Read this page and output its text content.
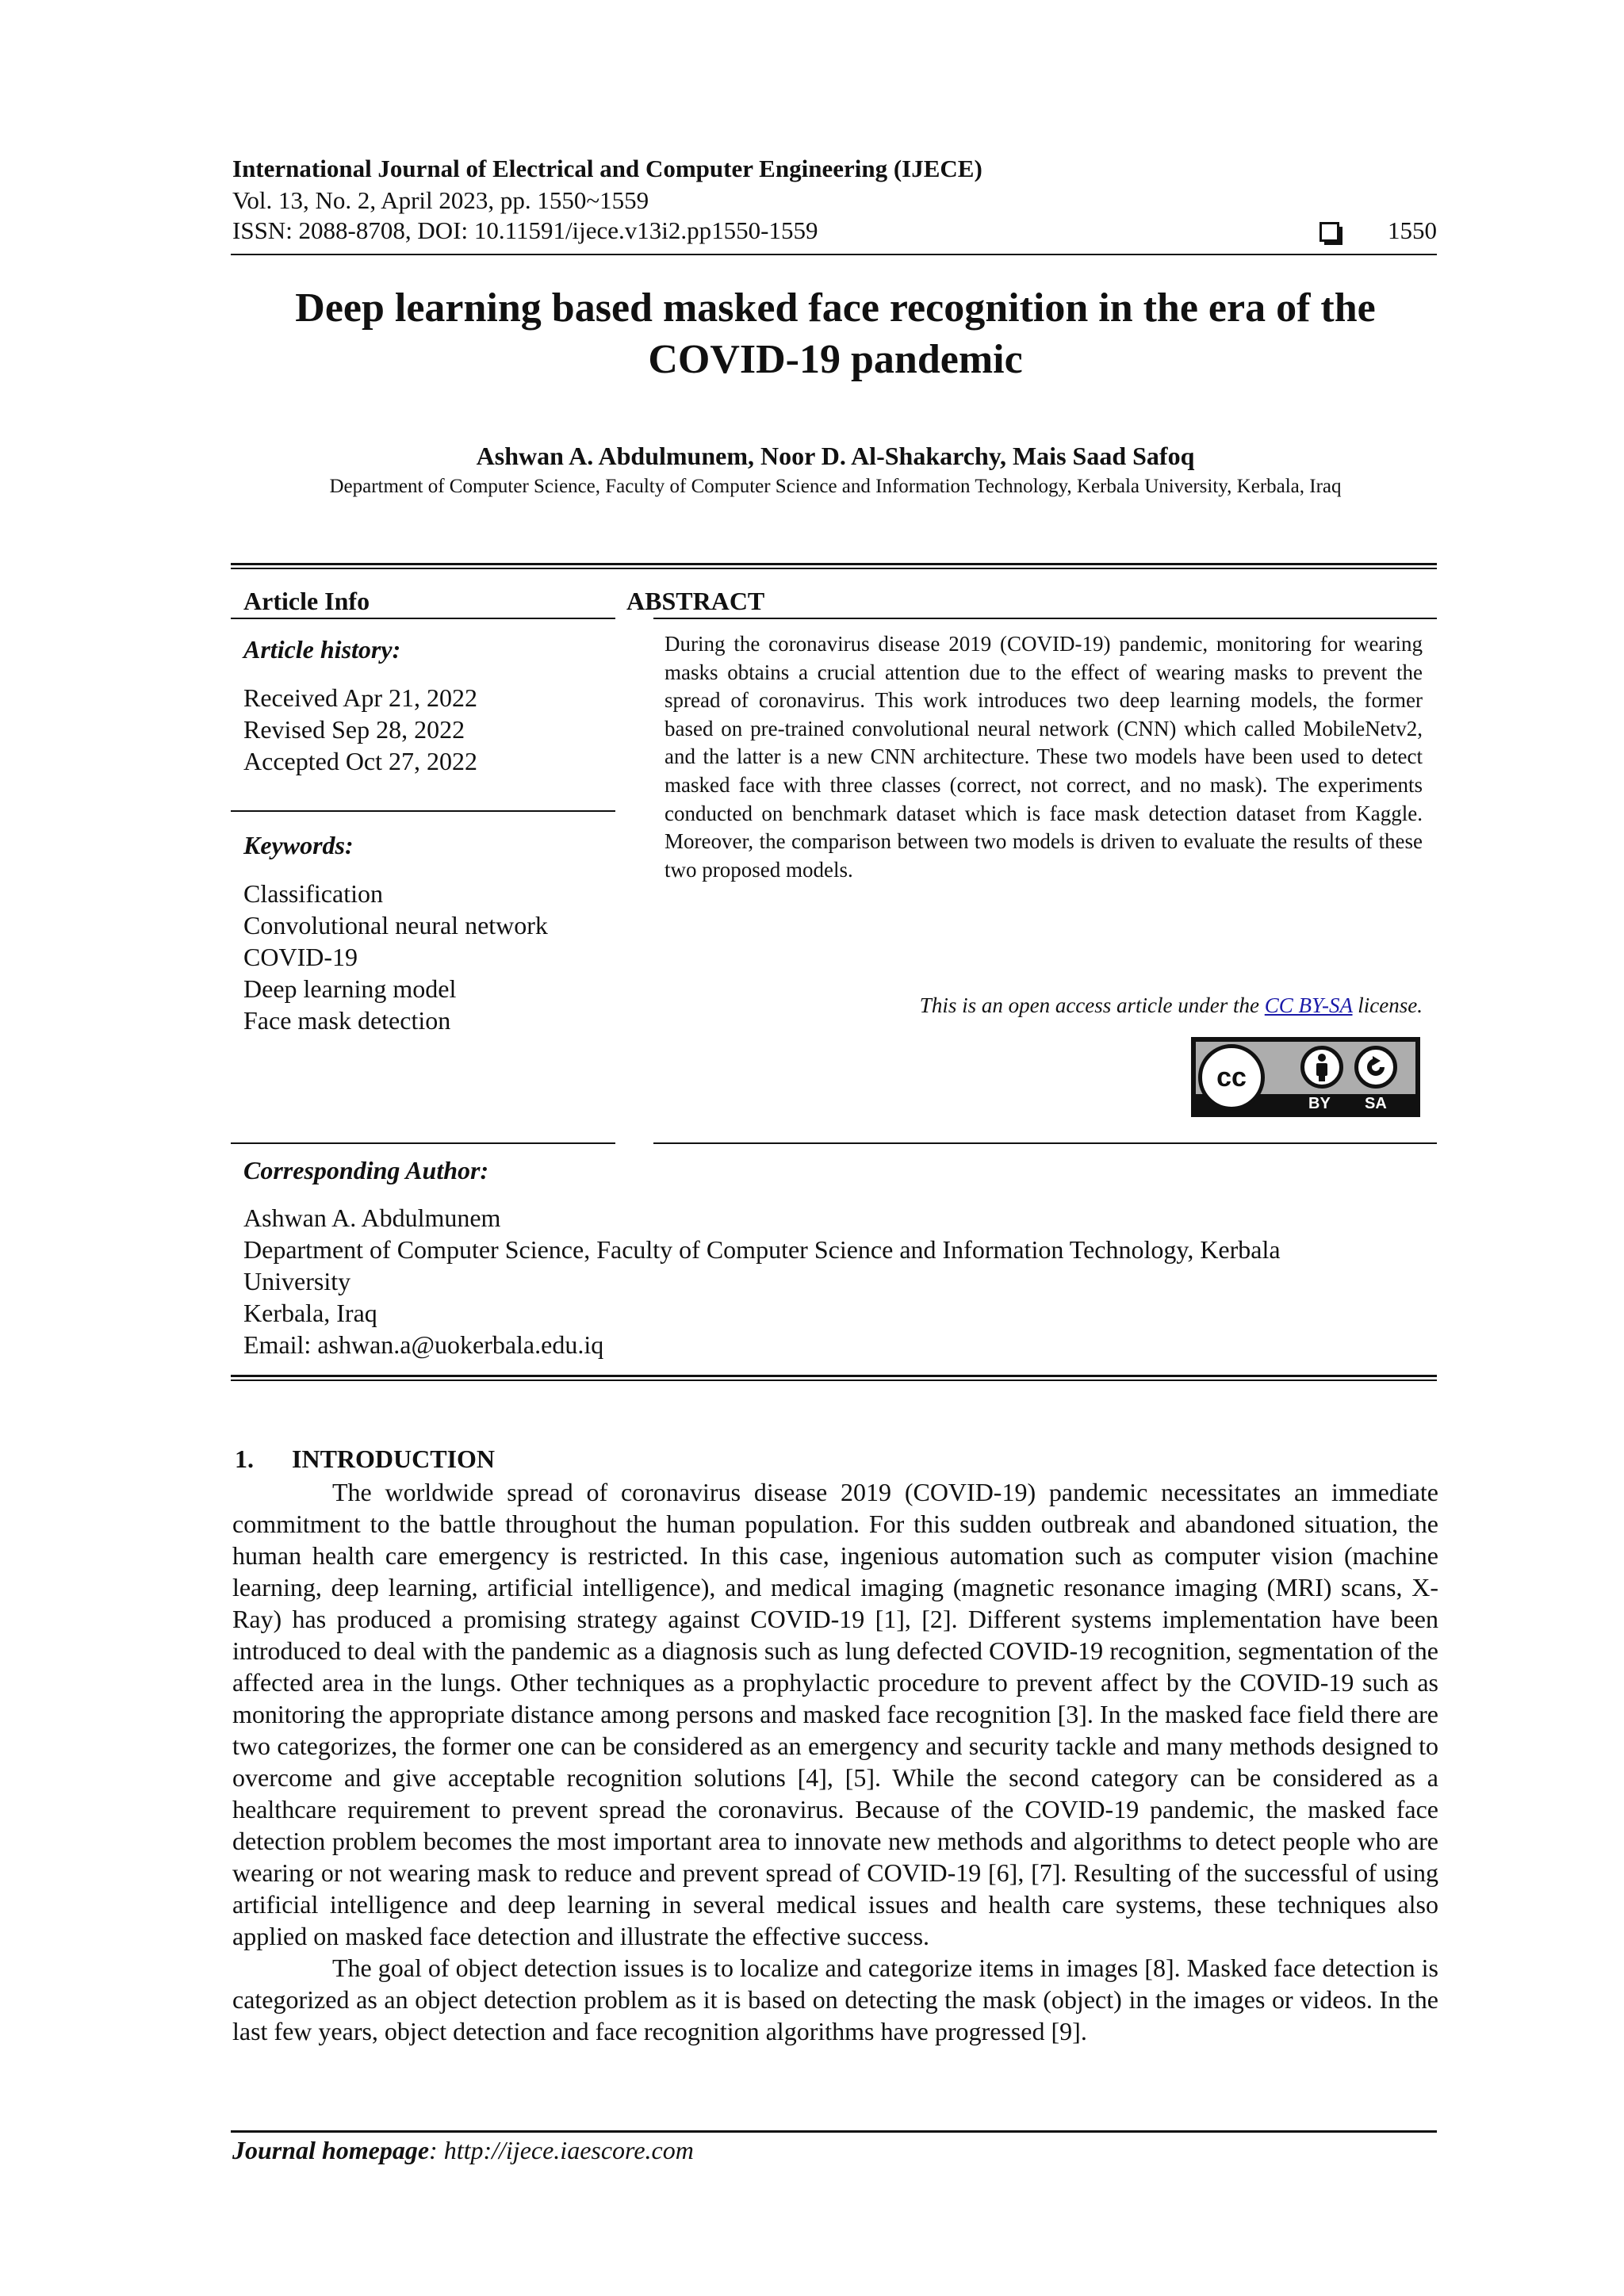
International Journal of Electrical and Computer Engineering (IJECE)
Vol. 13, No. 2, April 2023, pp. 1550~1559
ISSN: 2088-8708, DOI: 10.11591/ijece.v13i2.pp1550-1559	1550
Deep learning based masked face recognition in the era of the COVID-19 pandemic
Ashwan A. Abdulmunem, Noor D. Al-Shakarchy, Mais Saad Safoq
Department of Computer Science, Faculty of Computer Science and Information Technology, Kerbala University, Kerbala, Iraq
Article Info
Article history:
Received Apr 21, 2022
Revised Sep 28, 2022
Accepted Oct 27, 2022
Keywords:
Classification
Convolutional neural network
COVID-19
Deep learning model
Face mask detection
ABSTRACT
During the coronavirus disease 2019 (COVID-19) pandemic, monitoring for wearing masks obtains a crucial attention due to the effect of wearing masks to prevent the spread of coronavirus. This work introduces two deep learning models, the former based on pre-trained convolutional neural network (CNN) which called MobileNetv2, and the latter is a new CNN architecture. These two models have been used to detect masked face with three classes (correct, not correct, and no mask). The experiments conducted on benchmark dataset which is face mask detection dataset from Kaggle. Moreover, the comparison between two models is driven to evaluate the results of these two proposed models.
This is an open access article under the CC BY-SA license.
cc
BY SA
Corresponding Author:
Ashwan A. Abdulmunem
Department of Computer Science, Faculty of Computer Science and Information Technology, Kerbala
University
Kerbala, Iraq
Email: ashwan.a@uokerbala.edu.iq
1. INTRODUCTION

The worldwide spread of coronavirus disease 2019 (COVID-19) pandemic necessitates an immediate commitment to the battle throughout the human population. For this sudden outbreak and abandoned situation, the human health care emergency is restricted. In this case, ingenious automation such as computer vision (machine learning, deep learning, artificial intelligence), and medical imaging (magnetic resonance imaging (MRI) scans, X-Ray) has produced a promising strategy against COVID-19 [1], [2]. Different systems implementation have been introduced to deal with the pandemic as a diagnosis such as lung defected COVID-19 recognition, segmentation of the affected area in the lungs. Other techniques as a prophylactic procedure to prevent affect by the COVID-19 such as monitoring the appropriate distance among persons and masked face recognition [3]. In the masked face field there are two categorizes, the former one can be considered as an emergency and security tackle and many methods designed to overcome and give acceptable recognition solutions [4], [5]. While the second category can be considered as a healthcare requirement to prevent spread the coronavirus. Because of the COVID-19 pandemic, the masked face detection problem becomes the most important area to innovate new methods and algorithms to detect people who are wearing or not wearing mask to reduce and prevent spread of COVID-19 [6], [7]. Resulting of the successful of using artificial intelligence and deep learning in several medical issues and health care systems, these techniques also applied on masked face detection and illustrate the effective success.

The goal of object detection issues is to localize and categorize items in images [8]. Masked face detection is categorized as an object detection problem as it is based on detecting the mask (object) in the images or videos. In the last few years, object detection and face recognition algorithms have progressed [9].

Journal homepage: http://ijece.iaescore.com
